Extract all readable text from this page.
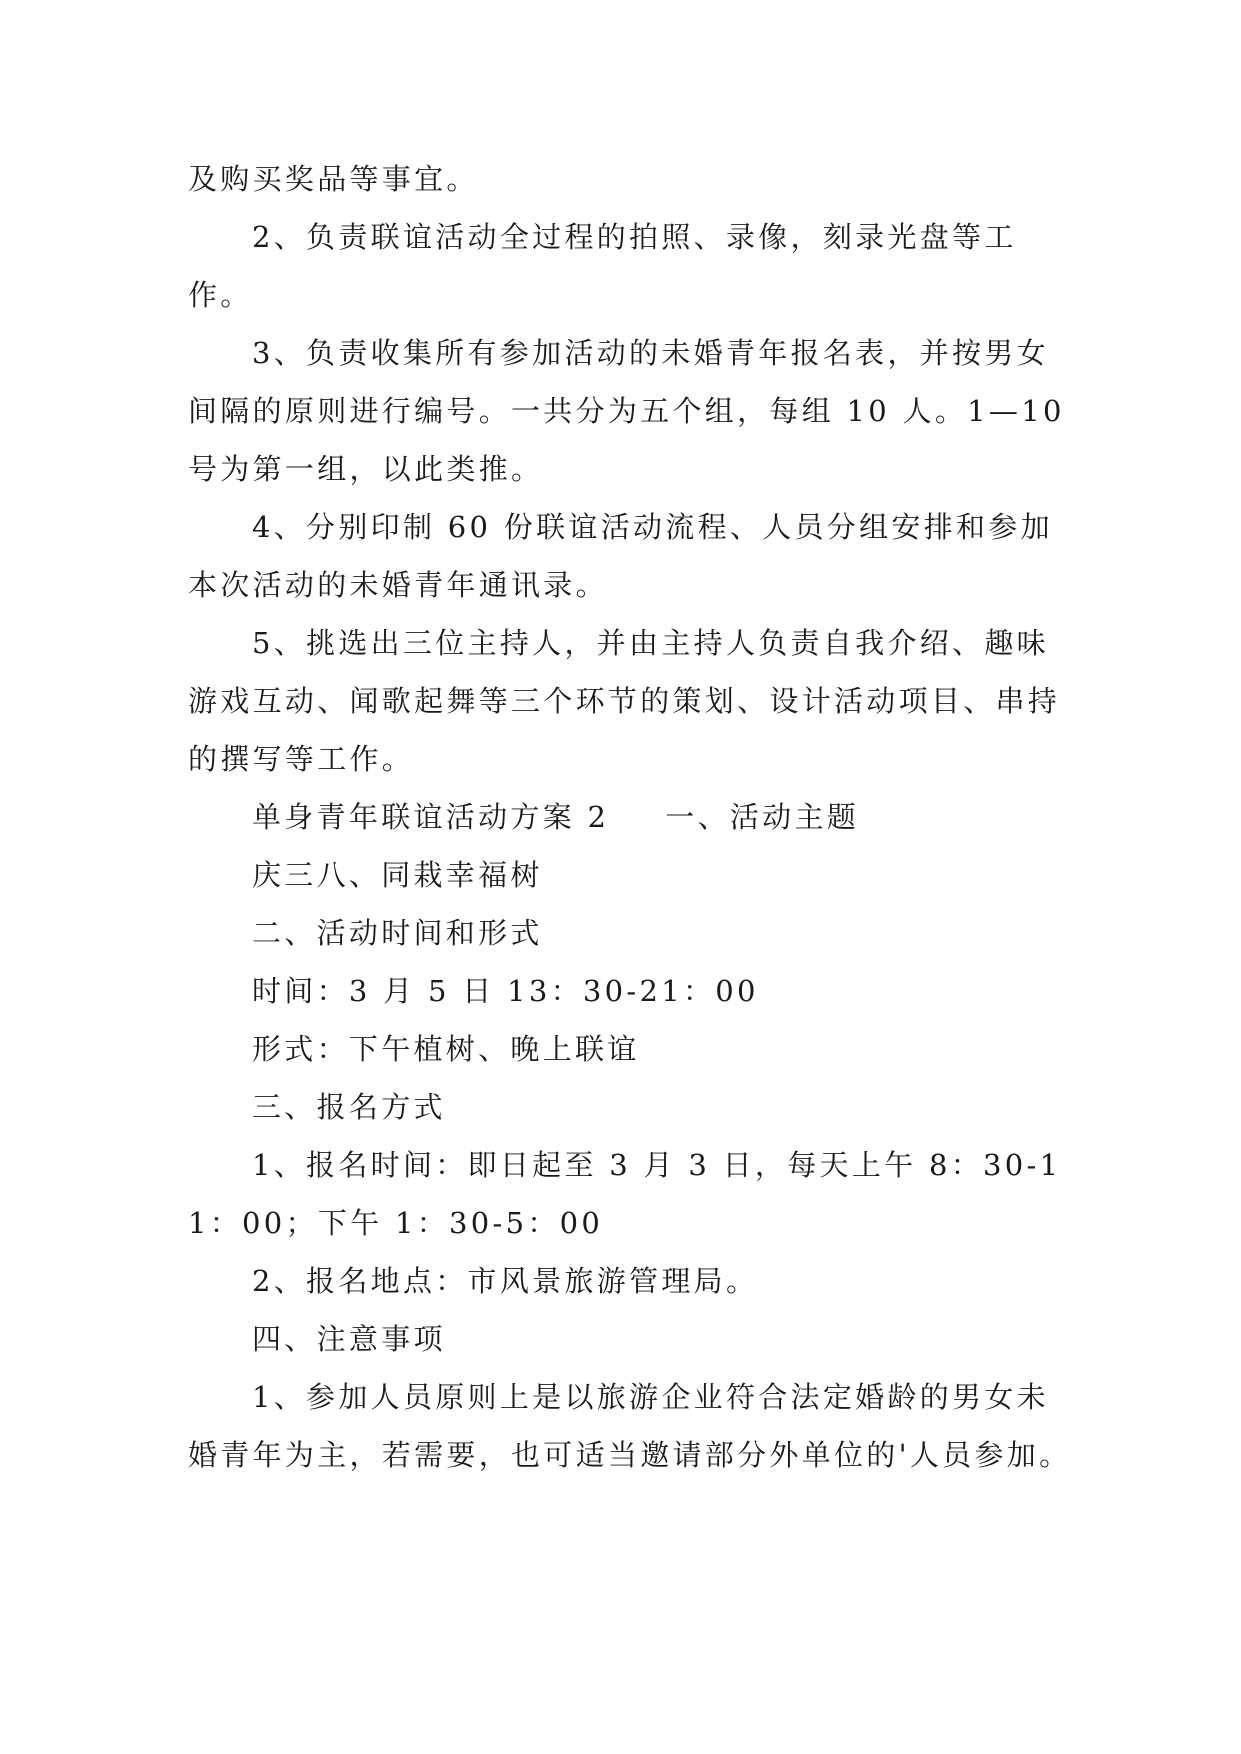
及购买奖品等事宜。

2、负责联谊活动全过程的拍照、录像，刻录光盘等工作。

3、负责收集所有参加活动的未婚青年报名表，并按男女间隔的原则进行编号。一共分为五个组，每组 10 人。1—10 号为第一组，以此类推。

4、分别印制 60 份联谊活动流程、人员分组安排和参加本次活动的未婚青年通讯录。

5、挑选出三位主持人，并由主持人负责自我介绍、趣味游戏互动、闻歌起舞等三个环节的策划、设计活动项目、串持的撰写等工作。

单身青年联谊活动方案 2 一、活动主题

庆三八、同栽幸福树

二、活动时间和形式

时间：3 月 5 日 13：30-21：00

形式：下午植树、晚上联谊

三、报名方式

1、报名时间：即日起至 3 月 3 日，每天上午 8：30-11：00；下午 1：30-5：00

2、报名地点：市风景旅游管理局。

四、注意事项

1、参加人员原则上是以旅游企业符合法定婚龄的男女未婚青年为主，若需要，也可适当邀请部分外单位的'人员参加。
